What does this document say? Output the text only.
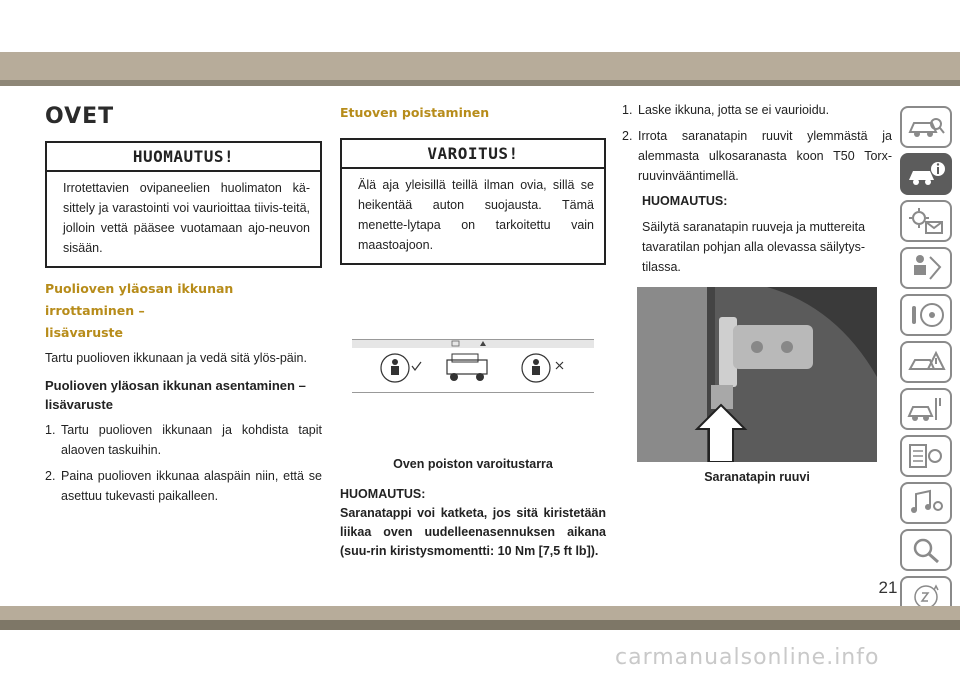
OVET
HUOMAUTUS!
Irrotettavien ovipaneelien huolimaton kä-sittely ja varastointi voi vaurioittaa tiivis-teitä, jolloin vettä pääsee vuotamaan ajo-neuvon sisään.
Puolioven yläosan ikkunan irrottaminen –
lisävaruste

Tartu puolioven ikkunaan ja vedä sitä ylös-päin.

Puolioven yläosan ikkunan asentaminen –
lisävaruste
1. Tartu puolioven ikkunaan ja kohdista tapit alaoven taskuihin.
2. Paina puolioven ikkunaa alaspäin niin, että se asettuu tukevasti paikalleen.
Etuoven poistaminen
VAROITUS!
Älä aja yleisillä teillä ilman ovia, sillä se heikentää auton suojausta. Tämä menette-lytapa on tarkoitettu vain maastoajoon.
Oven poiston varoitustarra
HUOMAUTUS:
Saranatappi voi katketa, jos sitä kiristetään liikaa oven uudelleenasennuksen aikana (suu-rin kiristysmomentti: 10 Nm [7,5 ft lb]).
1. Laske ikkuna, jotta se ei vaurioidu.
2. Irrota saranatapin ruuvit ylemmästä ja alemmasta ulkosaranasta koon T50 Torx-ruuvinvääntimellä.
HUOMAUTUS:

Säilytä saranatapin ruuveja ja muttereita tavaratilan pohjan alla olevassa säilytys-tilassa.

Saranatapin ruuvi
21
carmanualsonline.info
